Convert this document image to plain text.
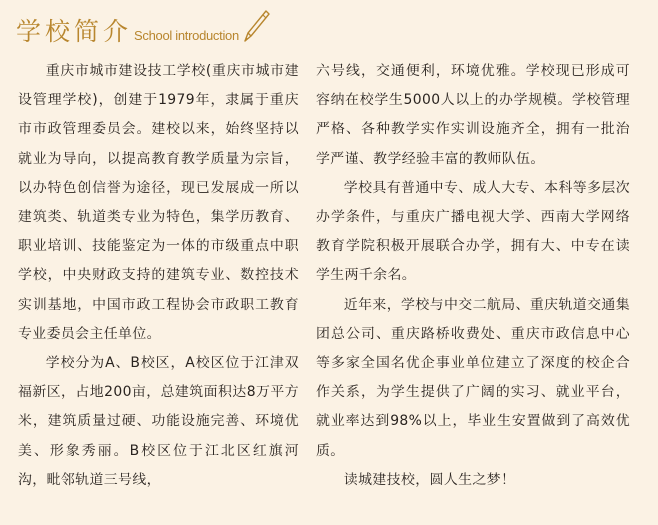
学校简介 School introduction

重庆市城市建设技工学校(重庆市城市建设管理学校)，创建于1979年，隶属于重庆市市政管理委员会。建校以来，始终坚持以就业为导向，以提高教育教学质量为宗旨，以办特色创信誉为途径，现已发展成一所以建筑类、轨道类专业为特色，集学历教育、职业培训、技能鉴定为一体的市级重点中职学校，中央财政支持的建筑专业、数控技术实训基地，中国市政工程协会市政职工教育专业委员会主任单位。

学校分为A、B校区，A校区位于江津双福新区，占地200亩，总建筑面积达8万平方米，建筑质量过硬、功能设施完善、环境优美、形象秀丽。B校区位于江北区红旗河沟，毗邻轨道三号线，

六号线，交通便利，环境优雅。学校现已形成可容纳在校学生5000人以上的办学规模。学校管理严格、各种教学实作实训设施齐全，拥有一批治学严谨、教学经验丰富的教师队伍。

学校具有普通中专、成人大专、本科等多层次办学条件，与重庆广播电视大学、西南大学网络教育学院积极开展联合办学，拥有大、中专在读学生两千余名。

近年来，学校与中交二航局、重庆轨道交通集团总公司、重庆路桥收费处、重庆市政信息中心等多家全国名优企事业单位建立了深度的校企合作关系，为学生提供了广阔的实习、就业平台，就业率达到98%以上，毕业生安置做到了高效优质。

读城建技校，圆人生之梦！
